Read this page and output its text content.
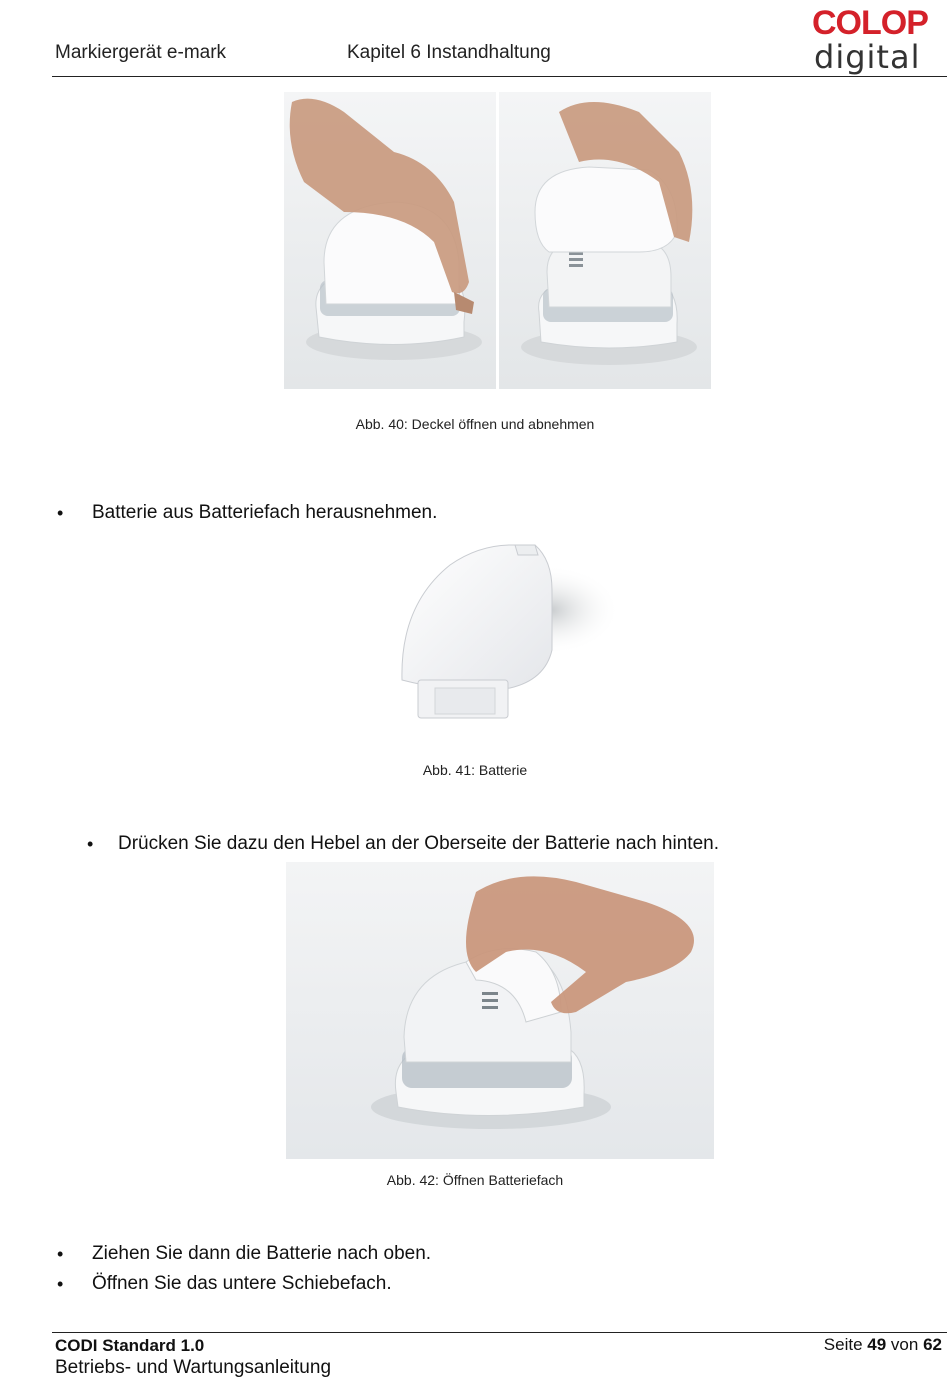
Markiergerät e-mark	Kapitel 6 Instandhaltung
COLOP
digital
Abb. 40: Deckel öffnen und abnehmen
• Batterie aus Batteriefach herausnehmen.
Abb. 41: Batterie
• Drücken Sie dazu den Hebel an der Oberseite der Batterie nach hinten.
Abb. 42: Öffnen Batteriefach
• Ziehen Sie dann die Batterie nach oben.
• Öffnen Sie das untere Schiebefach.
CODI Standard 1.0
Betriebs- und Wartungsanleitung
Seite 49 von 62
